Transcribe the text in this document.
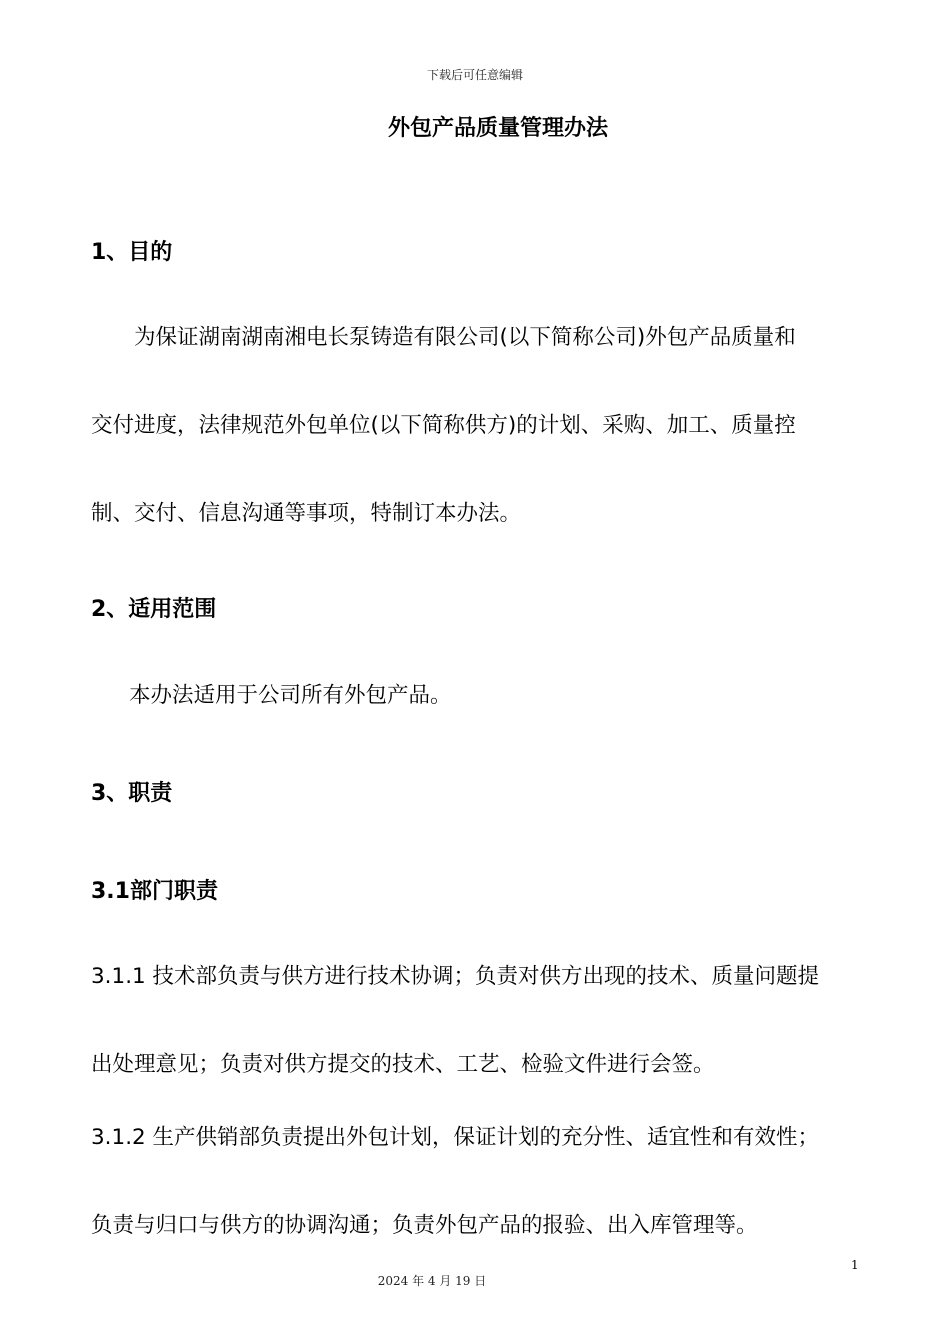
下载后可任意编辑
外包产品质量管理办法
1、目的
为保证湖南湖南湘电长泵铸造有限公司(以下简称公司)外包产品质量和
交付进度，法律规范外包单位(以下简称供方)的计划、采购、加工、质量控
制、交付、信息沟通等事项，特制订本办法。
2、适用范围
本办法适用于公司所有外包产品。
3、职责
3.1部门职责
3.1.1 技术部负责与供方进行技术协调；负责对供方出现的技术、质量问题提
出处理意见；负责对供方提交的技术、工艺、检验文件进行会签。
3.1.2 生产供销部负责提出外包计划，保证计划的充分性、适宜性和有效性；
负责与归口与供方的协调沟通；负责外包产品的报验、出入库管理等。
1
2024 年 4 月 19 日
